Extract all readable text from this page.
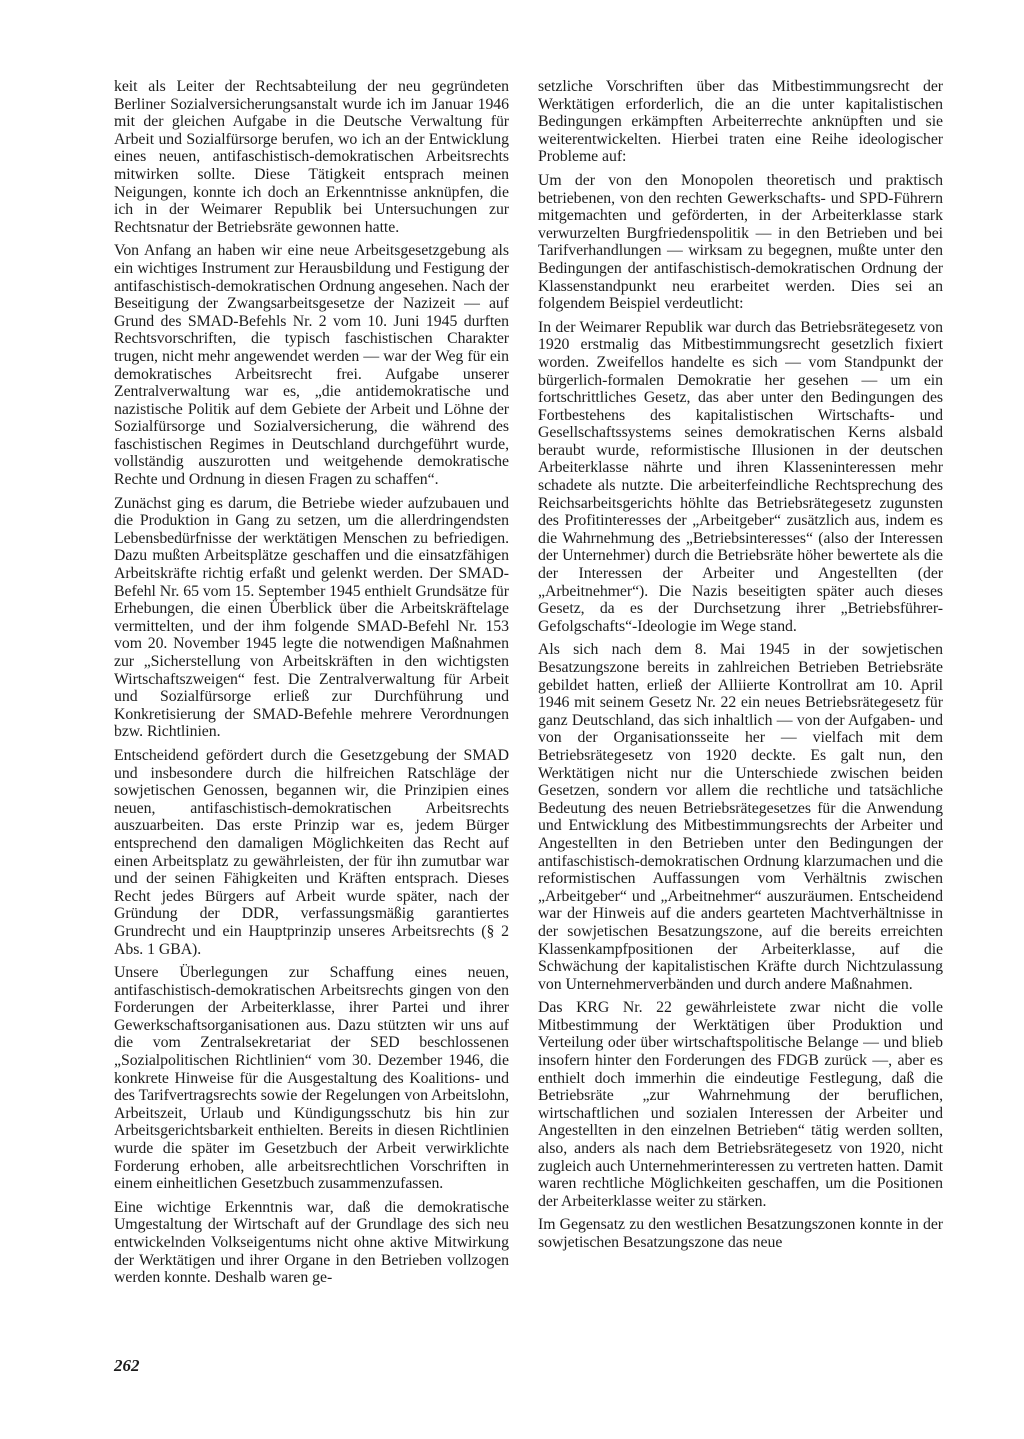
keit als Leiter der Rechtsabteilung der neu gegründeten Berliner Sozialversicherungsanstalt wurde ich im Januar 1946 mit der gleichen Aufgabe in die Deutsche Verwaltung für Arbeit und Sozialfürsorge berufen, wo ich an der Entwicklung eines neuen, antifaschistisch-demokratischen Arbeitsrechts mitwirken sollte. Diese Tätigkeit entsprach meinen Neigungen, konnte ich doch an Erkenntnisse anknüpfen, die ich in der Weimarer Republik bei Untersuchungen zur Rechtsnatur der Betriebsräte gewonnen hatte.

Von Anfang an haben wir eine neue Arbeitsgesetzgebung als ein wichtiges Instrument zur Herausbildung und Festigung der antifaschistisch-demokratischen Ordnung angesehen. Nach der Beseitigung der Zwangsarbeitsgesetze der Nazizeit — auf Grund des SMAD-Befehls Nr. 2 vom 10. Juni 1945 durften Rechtsvorschriften, die typisch faschistischen Charakter trugen, nicht mehr angewendet werden — war der Weg für ein demokratisches Arbeitsrecht frei. Aufgabe unserer Zentralverwaltung war es, „die antidemokratische und nazistische Politik auf dem Gebiete der Arbeit und Löhne der Sozialfürsorge und Sozialversicherung, die während des faschistischen Regimes in Deutschland durchgeführt wurde, vollständig auszurotten und weitgehende demokratische Rechte und Ordnung in diesen Fragen zu schaffen“.

Zunächst ging es darum, die Betriebe wieder aufzubauen und die Produktion in Gang zu setzen, um die allerdringendsten Lebensbedürfnisse der werktätigen Menschen zu befriedigen. Dazu mußten Arbeitsplätze geschaffen und die einsatzfähigen Arbeitskräfte richtig erfaßt und gelenkt werden. Der SMAD-Befehl Nr. 65 vom 15. September 1945 enthielt Grundsätze für Erhebungen, die einen Überblick über die Arbeitskräftelage vermittelten, und der ihm folgende SMAD-Befehl Nr. 153 vom 20. November 1945 legte die notwendigen Maßnahmen zur „Sicherstellung von Arbeitskräften in den wichtigsten Wirtschaftszweigen“ fest. Die Zentralverwaltung für Arbeit und Sozialfürsorge erließ zur Durchführung und Konkretisierung der SMAD-Befehle mehrere Verordnungen bzw. Richtlinien.

Entscheidend gefördert durch die Gesetzgebung der SMAD und insbesondere durch die hilfreichen Ratschläge der sowjetischen Genossen, begannen wir, die Prinzipien eines neuen, antifaschistisch-demokratischen Arbeitsrechts auszuarbeiten. Das erste Prinzip war es, jedem Bürger entsprechend den damaligen Möglichkeiten das Recht auf einen Arbeitsplatz zu gewährleisten, der für ihn zumutbar war und der seinen Fähigkeiten und Kräften entsprach. Dieses Recht jedes Bürgers auf Arbeit wurde später, nach der Gründung der DDR, verfassungsmäßig garantiertes Grundrecht und ein Hauptprinzip unseres Arbeitsrechts (§ 2 Abs. 1 GBA).

Unsere Überlegungen zur Schaffung eines neuen, antifaschistisch-demokratischen Arbeitsrechts gingen von den Forderungen der Arbeiterklasse, ihrer Partei und ihrer Gewerkschaftsorganisationen aus. Dazu stützten wir uns auf die vom Zentralsekretariat der SED beschlossenen „Sozialpolitischen Richtlinien“ vom 30. Dezember 1946, die konkrete Hinweise für die Ausgestaltung des Koalitions- und des Tarifvertragsrechts sowie der Regelungen von Arbeitslohn, Arbeitszeit, Urlaub und Kündigungsschutz bis hin zur Arbeitsgerichtsbarkeit enthielten. Bereits in diesen Richtlinien wurde die später im Gesetzbuch der Arbeit verwirklichte Forderung erhoben, alle arbeitsrechtlichen Vorschriften in einem einheitlichen Gesetzbuch zusammenzufassen.

Eine wichtige Erkenntnis war, daß die demokratische Umgestaltung der Wirtschaft auf der Grundlage des sich neu entwickelnden Volkseigentums nicht ohne aktive Mitwirkung der Werktätigen und ihrer Organe in den Betrieben vollzogen werden konnte. Deshalb waren ge-

setzliche Vorschriften über das Mitbestimmungsrecht der Werktätigen erforderlich, die an die unter kapitalistischen Bedingungen erkämpften Arbeiterrechte anknüpften und sie weiterentwickelten. Hierbei traten eine Reihe ideologischer Probleme auf:

Um der von den Monopolen theoretisch und praktisch betriebenen, von den rechten Gewerkschafts- und SPD-Führern mitgemachten und geförderten, in der Arbeiterklasse stark verwurzelten Burgfriedenspolitik — in den Betrieben und bei Tarifverhandlungen — wirksam zu begegnen, mußte unter den Bedingungen der antifaschistisch-demokratischen Ordnung der Klassenstandpunkt neu erarbeitet werden. Dies sei an folgendem Beispiel verdeutlicht:

In der Weimarer Republik war durch das Betriebsrätegesetz von 1920 erstmalig das Mitbestimmungsrecht gesetzlich fixiert worden. Zweifellos handelte es sich — vom Standpunkt der bürgerlich-formalen Demokratie her gesehen — um ein fortschrittliches Gesetz, das aber unter den Bedingungen des Fortbestehens des kapitalistischen Wirtschafts- und Gesellschaftssystems seines demokratischen Kerns alsbald beraubt wurde, reformistische Illusionen in der deutschen Arbeiterklasse nährte und ihren Klasseninteressen mehr schadete als nutzte. Die arbeiterfeindliche Rechtsprechung des Reichsarbeitsgerichts höhlte das Betriebsrätegesetz zugunsten des Profitinteresses der „Arbeitgeber“ zusätzlich aus, indem es die Wahrnehmung des „Betriebsinteresses“ (also der Interessen der Unternehmer) durch die Betriebsräte höher bewertete als die der Interessen der Arbeiter und Angestellten (der „Arbeitnehmer“). Die Nazis beseitigten später auch dieses Gesetz, da es der Durchsetzung ihrer „Betriebsführer-Gefolgschafts“-Ideologie im Wege stand.

Als sich nach dem 8. Mai 1945 in der sowjetischen Besatzungszone bereits in zahlreichen Betrieben Betriebsräte gebildet hatten, erließ der Alliierte Kontrollrat am 10. April 1946 mit seinem Gesetz Nr. 22 ein neues Betriebsrätegesetz für ganz Deutschland, das sich inhaltlich — von der Aufgaben- und von der Organisationsseite her — vielfach mit dem Betriebsrätegesetz von 1920 deckte. Es galt nun, den Werktätigen nicht nur die Unterschiede zwischen beiden Gesetzen, sondern vor allem die rechtliche und tatsächliche Bedeutung des neuen Betriebsrätegesetzes für die Anwendung und Entwicklung des Mitbestimmungsrechts der Arbeiter und Angestellten in den Betrieben unter den Bedingungen der antifaschistisch-demokratischen Ordnung klarzumachen und die reformistischen Auffassungen vom Verhältnis zwischen „Arbeitgeber“ und „Arbeitnehmer“ auszuräumen. Entscheidend war der Hinweis auf die anders gearteten Machtverhältnisse in der sowjetischen Besatzungszone, auf die bereits erreichten Klassenkampfpositionen der Arbeiterklasse, auf die Schwächung der kapitalistischen Kräfte durch Nichtzulassung von Unternehmerverbänden und durch andere Maßnahmen.

Das KRG Nr. 22 gewährleistete zwar nicht die volle Mitbestimmung der Werktätigen über Produktion und Verteilung oder über wirtschaftspolitische Belange — und blieb insofern hinter den Forderungen des FDGB zurück —, aber es enthielt doch immerhin die eindeutige Festlegung, daß die Betriebsräte „zur Wahrnehmung der beruflichen, wirtschaftlichen und sozialen Interessen der Arbeiter und Angestellten in den einzelnen Betrieben“ tätig werden sollten, also, anders als nach dem Betriebsrätegesetz von 1920, nicht zugleich auch Unternehmerinteressen zu vertreten hatten. Damit waren rechtliche Möglichkeiten geschaffen, um die Positionen der Arbeiterklasse weiter zu stärken.

Im Gegensatz zu den westlichen Besatzungszonen konnte in der sowjetischen Besatzungszone das neue

262
